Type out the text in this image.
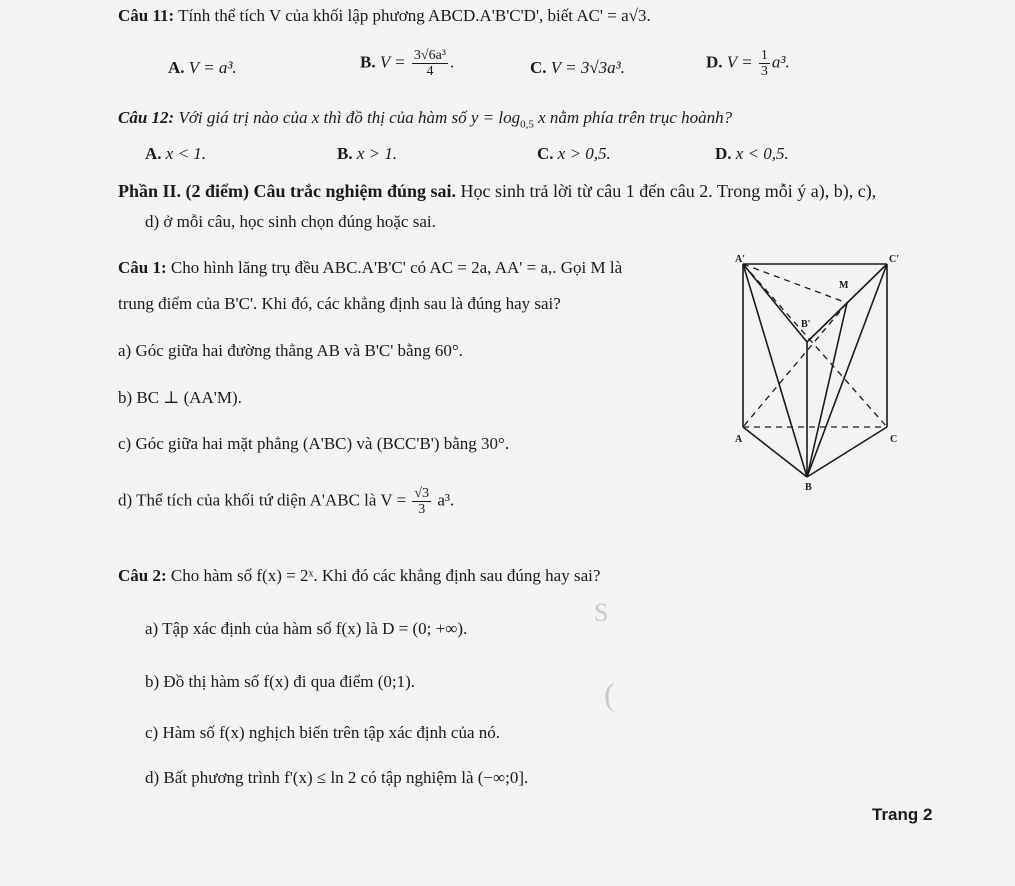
Câu 11: Tính thể tích V của khối lập phương ABCD.A'B'C'D', biết AC' = a√3.
A. V = a³.	B. $V = \frac{\text{3√6a³}}{4}$ .	C. V = 3√3a³.	D. $V = \frac{1}{3} a^3$.
Câu 12: Với giá trị nào của x thì đồ thị của hàm số $y = \log_{0,5} x$ nằm phía trên trục hoành?
A. x < 1.	B. x > 1.	C. x > 0,5.	D. x < 0,5.
Phần II. (2 điểm) Câu trắc nghiệm đúng sai. Học sinh trả lời từ câu 1 đến câu 2. Trong mỗi ý a), b), c),
d) ở mỗi câu, học sinh chọn đúng hoặc sai.
Câu 1: Cho hình lăng trụ đều ABC.A'B'C' có AC = 2a, AA' = a,. Gọi M là
trung điểm của B'C'. Khi đó, các khẳng định sau là đúng hay sai?
a) Góc giữa hai đường thẳng AB và B'C' bằng 60°.
b) BC ⊥ (AA'M).
c) Góc giữa hai mặt phẳng (A'BC) và (BCC'B') bằng 30°.
d) Thể tích của khối tứ diện A'ABC là $V = \frac{√3}{3} a^3$.
A'	C'
M
B'
A	C
B
Câu 2: Cho hàm số f(x) = 2ˣ. Khi đó các khẳng định sau đúng hay sai?
a) Tập xác định của hàm số f(x) là D = (0; +∞).
b) Đồ thị hàm số f(x) đi qua điểm (0;1).
c) Hàm số f(x) nghịch biến trên tập xác định của nó.
d) Bất phương trình f'(x) ≤ ln 2 có tập nghiệm là (−∞;0].
S
(
Trang 2
